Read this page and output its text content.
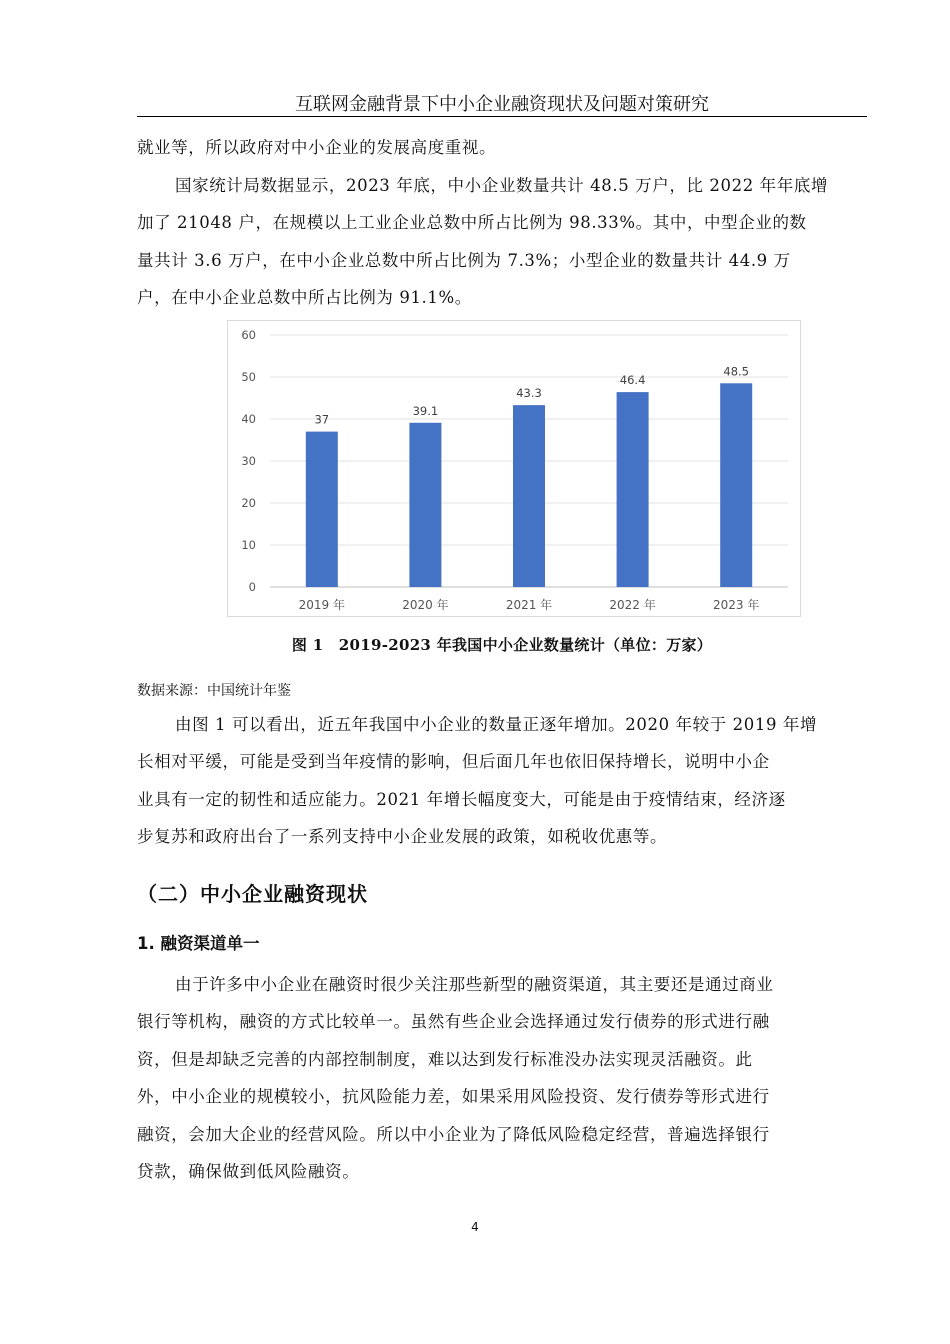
互联网金融背景下中小企业融资现状及问题对策研究

就业等，所以政府对中小企业的发展高度重视。

国家统计局数据显示，2023 年底，中小企业数量共计 48.5 万户，比 2022 年年底增
加了 21048 户，在规模以上工业企业总数中所占比例为 98.33%。其中，中型企业的数
量共计 3.6 万户，在中小企业总数中所占比例为 7.3%；小型企业的数量共计 44.9 万
户，在中小企业总数中所占比例为 91.1%。

0
10
20
30
40
50
60
37
2019 年
39.1
2020 年
43.3
2021 年
46.4
2022 年
48.5
2023 年
图 1　2019-2023 年我国中小企业数量统计（单位：万家）
数据来源：中国统计年鉴

由图 1 可以看出，近五年我国中小企业的数量正逐年增加。2020 年较于 2019 年增
长相对平缓，可能是受到当年疫情的影响，但后面几年也依旧保持增长，说明中小企
业具有一定的韧性和适应能力。2021 年增长幅度变大，可能是由于疫情结束，经济逐
步复苏和政府出台了一系列支持中小企业发展的政策，如税收优惠等。

（二）中小企业融资现状
1. 融资渠道单一

由于许多中小企业在融资时很少关注那些新型的融资渠道，其主要还是通过商业
银行等机构，融资的方式比较单一。虽然有些企业会选择通过发行债券的形式进行融
资，但是却缺乏完善的内部控制制度，难以达到发行标准没办法实现灵活融资。此
外，中小企业的规模较小，抗风险能力差，如果采用风险投资、发行债券等形式进行
融资，会加大企业的经营风险。所以中小企业为了降低风险稳定经营，普遍选择银行
贷款，确保做到低风险融资。

4
